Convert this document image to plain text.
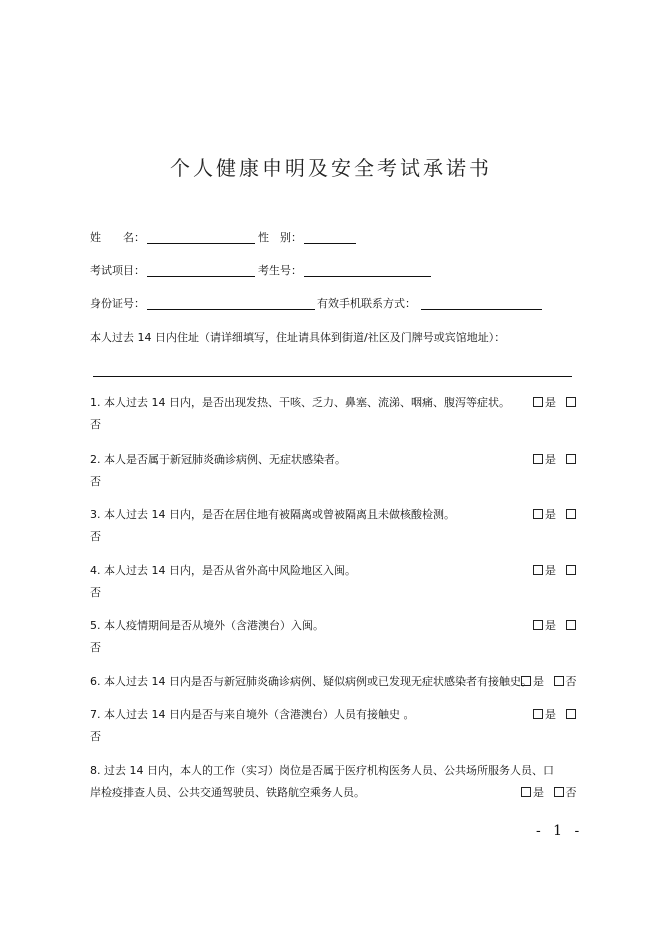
个人健康申明及安全考试承诺书
姓　　名：	性　别：
考试项目：	考生号：
身份证号：	有效手机联系方式：
本人过去 14 日内住址（请详细填写，住址请具体到街道/社区及门牌号或宾馆地址）：
1. 本人过去 14 日内，是否出现发热、干咳、乏力、鼻塞、流涕、咽痛、腹泻等症状。	是
否
2. 本人是否属于新冠肺炎确诊病例、无症状感染者。	是
否
3. 本人过去 14 日内，是否在居住地有被隔离或曾被隔离且未做核酸检测。	是
否
4. 本人过去 14 日内，是否从省外高中风险地区入闽。	是
否
5. 本人疫情期间是否从境外（含港澳台）入闽。	是
否
6. 本人过去 14 日内是否与新冠肺炎确诊病例、疑似病例或已发现无症状感染者有接触史。 是 否
7. 本人过去 14 日内是否与来自境外（含港澳台）人员有接触史 。	是
否
8. 过去 14 日内，本人的工作（实习）岗位是否属于医疗机构医务人员、公共场所服务人员、口
岸检疫排查人员、公共交通驾驶员、铁路航空乘务人员。	是 否
- 1 -
